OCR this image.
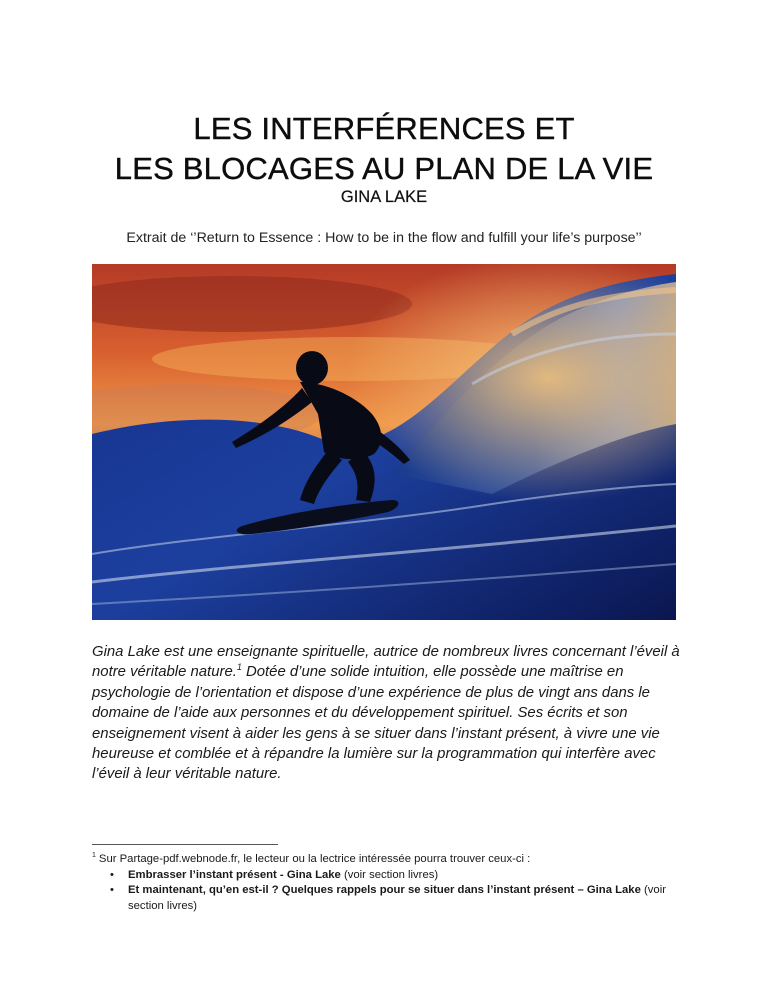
LES INTERFÉRENCES ET
LES BLOCAGES AU PLAN DE LA VIE
GINA LAKE
Extrait de ‘’Return to Essence : How to be in the flow and fulfill your life’s purpose’’

Gina Lake est une enseignante spirituelle, autrice de nombreux livres concernant l’éveil à notre véritable nature.$^1$ Dotée d’une solide intuition, elle possède une maîtrise en psychologie de l’orientation et dispose d’une expérience de plus de vingt ans dans le domaine de l’aide aux personnes et du développement spirituel. Ses écrits et son enseignement visent à aider les gens à se situer dans l’instant présent, à vivre une vie heureuse et comblée et à répandre la lumière sur la programmation qui interfère avec l’éveil à leur véritable nature.

$^1$ Sur Partage-pdf.webnode.fr, le lecteur ou la lectrice intéressée pourra trouver ceux-ci :
• Embrasser l’instant présent - Gina Lake (voir section livres)
• Et maintenant, qu’en est-il ? Quelques rappels pour se situer dans l’instant présent – Gina Lake (voir section livres)
